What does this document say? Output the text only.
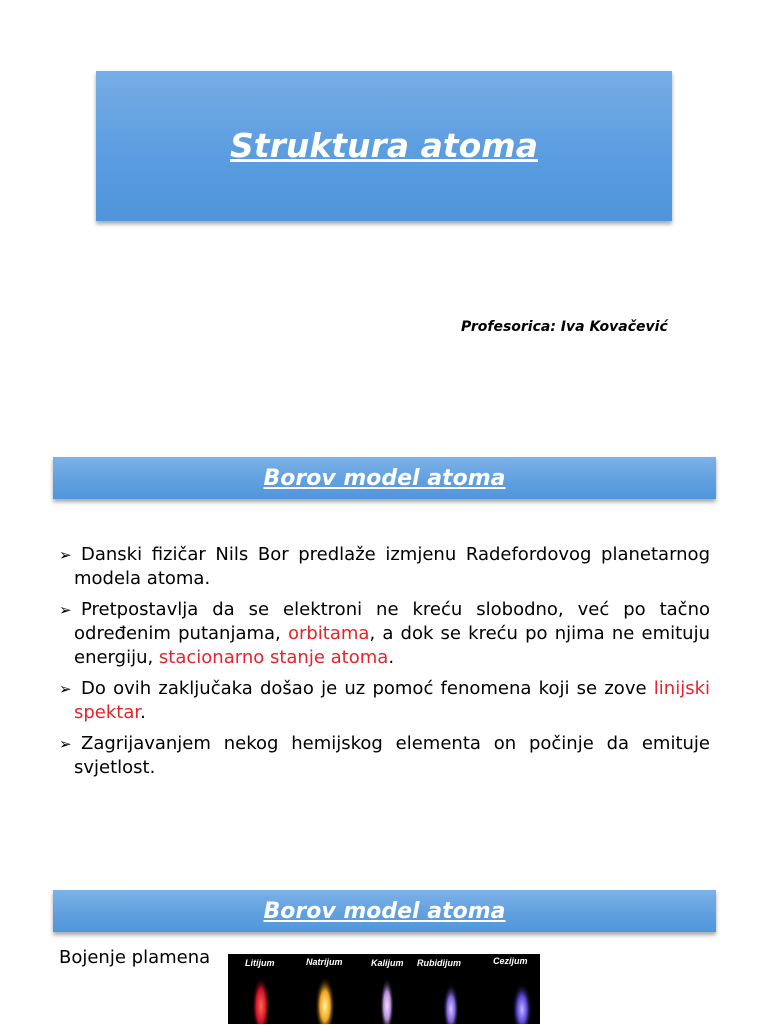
Struktura atoma
Profesorica: Iva Kovačević
Borov model atoma
➢ Danski fizičar Nils Bor predlaže izmjenu Radefordovog planetarnog modela atoma.
➢ Pretpostavlja da se elektroni ne kreću slobodno, već po tačno određenim putanjama, orbitama, a dok se kreću po njima ne emituju energiju, stacionarno stanje atoma.
➢ Do ovih zaključaka došao je uz pomoć fenomena koji se zove linijski spektar.
➢ Zagrijavanjem nekog hemijskog elementa on počinje da emituje svjetlost.
Borov model atoma
Bojenje plamena	Litijum	Natrijum	Kalijum Rubidijum	Cezijum
